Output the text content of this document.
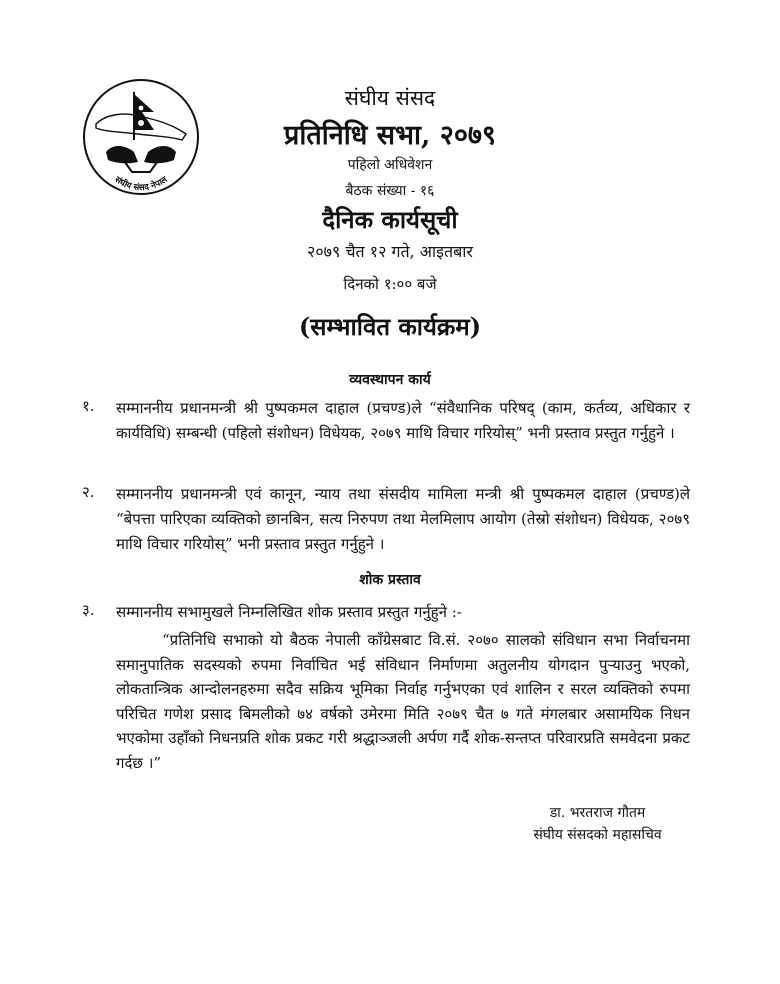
संघीय संसद नेपाल
संघीय संसद
प्रतिनिधि सभा, २०७९
पहिलो अधिवेशन
बैठक संख्या - १६
दैनिक कार्यसूची
२०७९ चैत १२ गते, आइतबार
दिनको १:०० बजे
(सम्भावित कार्यक्रम)
व्यवस्थापन कार्य
१. सम्माननीय प्रधानमन्त्री श्री पुष्पकमल दाहाल (प्रचण्ड)ले “संवैधानिक परिषद् (काम, कर्तव्य, अधिकार र कार्यविधि) सम्बन्धी (पहिलो संशोधन) विधेयक, २०७९ माथि विचार गरियोस्” भनी प्रस्ताव प्रस्तुत गर्नुहुने ।
२. सम्माननीय प्रधानमन्त्री एवं कानून, न्याय तथा संसदीय मामिला मन्त्री श्री पुष्पकमल दाहाल (प्रचण्ड)ले “बेपत्ता पारिएका व्यक्तिको छानबिन, सत्य निरुपण तथा मेलमिलाप आयोग (तेस्रो संशोधन) विधेयक, २०७९ माथि विचार गरियोस्” भनी प्रस्ताव प्रस्तुत गर्नुहुने ।
शोक प्रस्ताव
३. सम्माननीय सभामुखले निम्नलिखित शोक प्रस्ताव प्रस्तुत गर्नुहुने :-
“प्रतिनिधि सभाको यो बैठक नेपाली काँग्रेसबाट वि.सं. २०७० सालको संविधान सभा निर्वाचनमा समानुपातिक सदस्यको रुपमा निर्वाचित भई संविधान निर्माणमा अतुलनीय योगदान पुऱ्याउनु भएको, लोकतान्त्रिक आन्दोलनहरुमा सदैव सक्रिय भूमिका निर्वाह गर्नुभएका एवं शालिन र सरल व्यक्तिको रुपमा परिचित गणेश प्रसाद बिमलीको ७४ वर्षको उमेरमा मिति २०७९ चैत ७ गते मंगलबार असामयिक निधन भएकोमा उहाँको निधनप्रति शोक प्रकट गरी श्रद्धाञ्जली अर्पण गर्दै शोक-सन्तप्त परिवारप्रति समवेदना प्रकट गर्दछ ।”
डा. भरतराज गौतम
संघीय संसदको महासचिव
